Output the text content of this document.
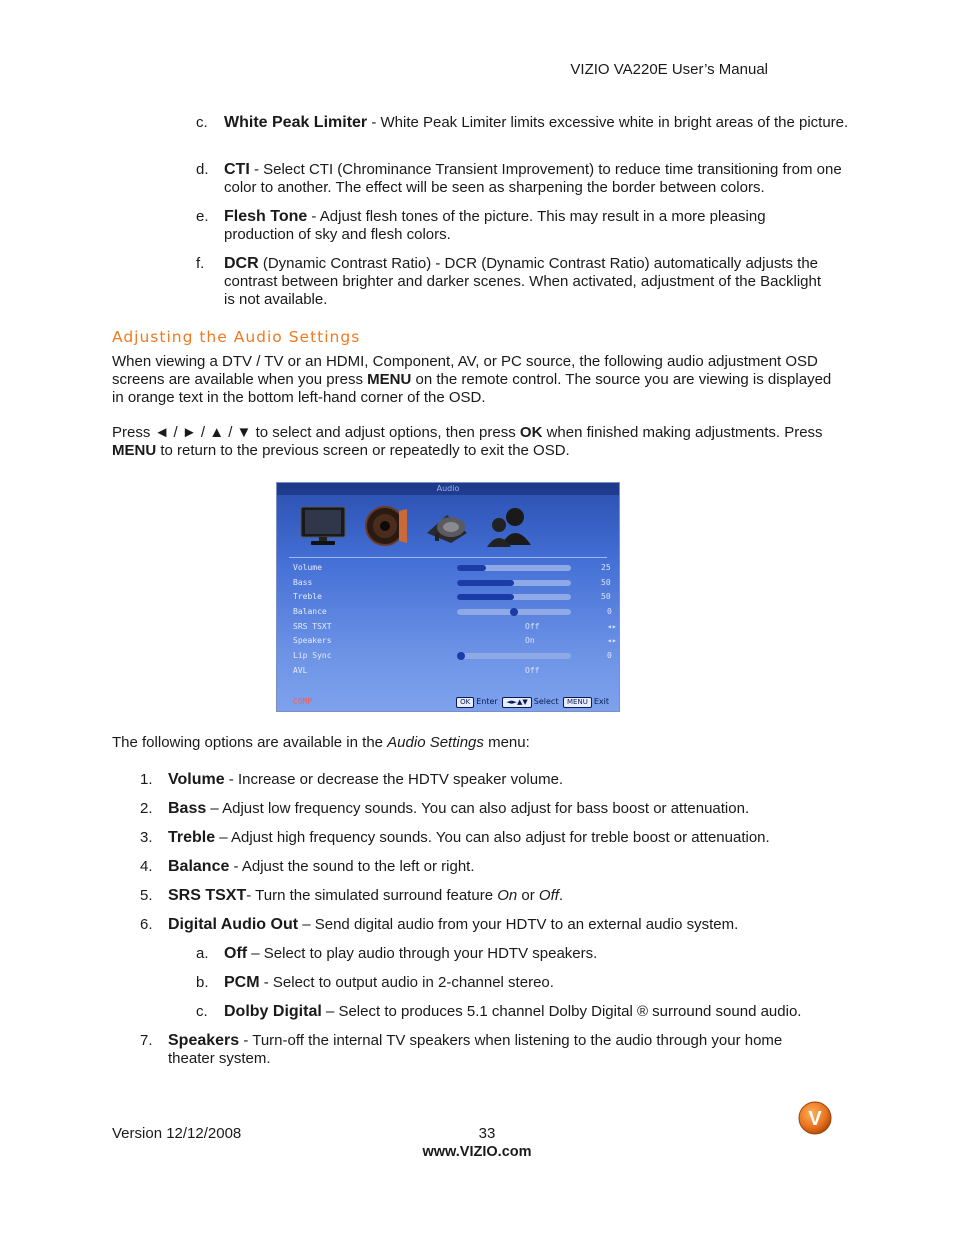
VIZIO VA220E User’s Manual
c. White Peak Limiter - White Peak Limiter limits excessive white in bright areas of the picture.
d. CTI - Select CTI (Chrominance Transient Improvement) to reduce time transitioning from one color to another. The effect will be seen as sharpening the border between colors.
e. Flesh Tone - Adjust flesh tones of the picture. This may result in a more pleasing production of sky and flesh colors.
f. DCR (Dynamic Contrast Ratio) - DCR (Dynamic Contrast Ratio) automatically adjusts the contrast between brighter and darker scenes. When activated, adjustment of the Backlight is not available.
Adjusting the Audio Settings
When viewing a DTV / TV or an HDMI, Component, AV, or PC source, the following audio adjustment OSD screens are available when you press MENU on the remote control. The source you are viewing is displayed in orange text in the bottom left-hand corner of the OSD.
Press ◄ / ► / ▲ / ▼ to select and adjust options, then press OK when finished making adjustments. Press MENU to return to the previous screen or repeatedly to exit the OSD.
Audio
Volume	25
Bass	50
Treble	50
Balance	0
SRS TSXT	Off	◂▸
Speakers	On	◂▸
Lip Sync	0
AVL	Off
COMP	OK Enter ◄►▲▼ Select MENU Exit
The following options are available in the Audio Settings menu:
1. Volume - Increase or decrease the HDTV speaker volume.
2. Bass – Adjust low frequency sounds. You can also adjust for bass boost or attenuation.
3. Treble – Adjust high frequency sounds. You can also adjust for treble boost or attenuation.
4. Balance - Adjust the sound to the left or right.
5. SRS TSXT- Turn the simulated surround feature On or Off.
6. Digital Audio Out – Send digital audio from your HDTV to an external audio system.
a. Off – Select to play audio through your HDTV speakers.
b. PCM - Select to output audio in 2-channel stereo.
c. Dolby Digital – Select to produces 5.1 channel Dolby Digital ® surround sound audio.
7. Speakers - Turn-off the internal TV speakers when listening to the audio through your home theater system.
Version 12/12/2008	33
www.VIZIO.com
V
